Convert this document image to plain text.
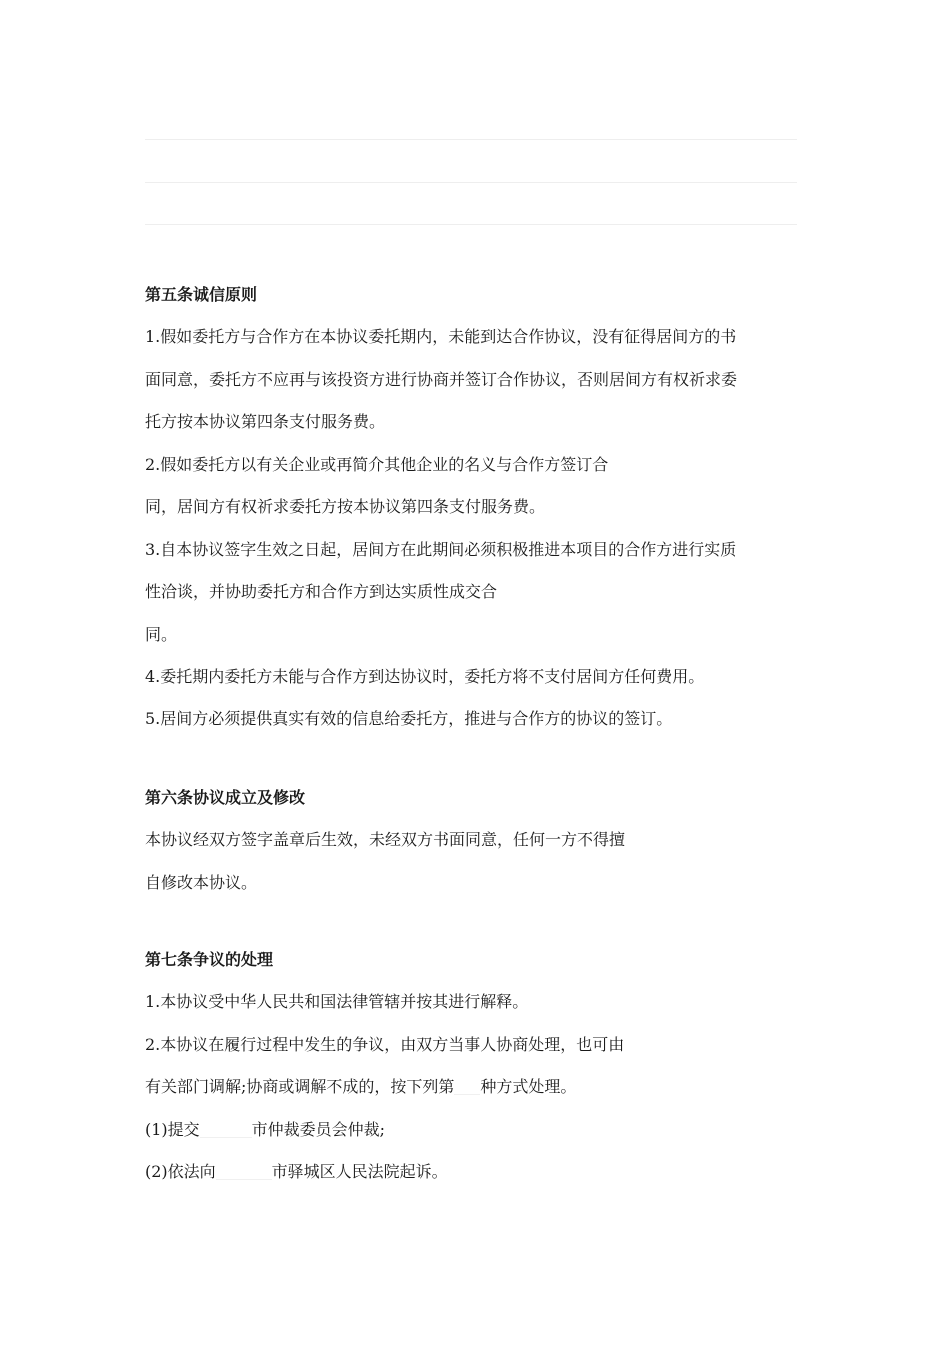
第五条诚信原则
1.假如委托方与合作方在本协议委托期内，未能到达合作协议，没有征得居间方的书
面同意，委托方不应再与该投资方进行协商并签订合作协议，否则居间方有权祈求委
托方按本协议第四条支付服务费。
2.假如委托方以有关企业或再简介其他企业的名义与合作方签订合
同，居间方有权祈求委托方按本协议第四条支付服务费。
3.自本协议签字生效之日起，居间方在此期间必须积极推进本项目的合作方进行实质
性洽谈，并协助委托方和合作方到达实质性成交合
同。
4.委托期内委托方未能与合作方到达协议时，委托方将不支付居间方任何费用。
5.居间方必须提供真实有效的信息给委托方，推进与合作方的协议的签订。
第六条协议成立及修改
本协议经双方签字盖章后生效，未经双方书面同意，任何一方不得擅
自修改本协议。
第七条争议的处理
1.本协议受中华人民共和国法律管辖并按其进行解释。
2.本协议在履行过程中发生的争议，由双方当事人协商处理，也可由
有关部门调解;协商或调解不成的，按下列第 种方式处理。
(1)提交	市仲裁委员会仲裁;
(2)依法向	市驿城区人民法院起诉。
